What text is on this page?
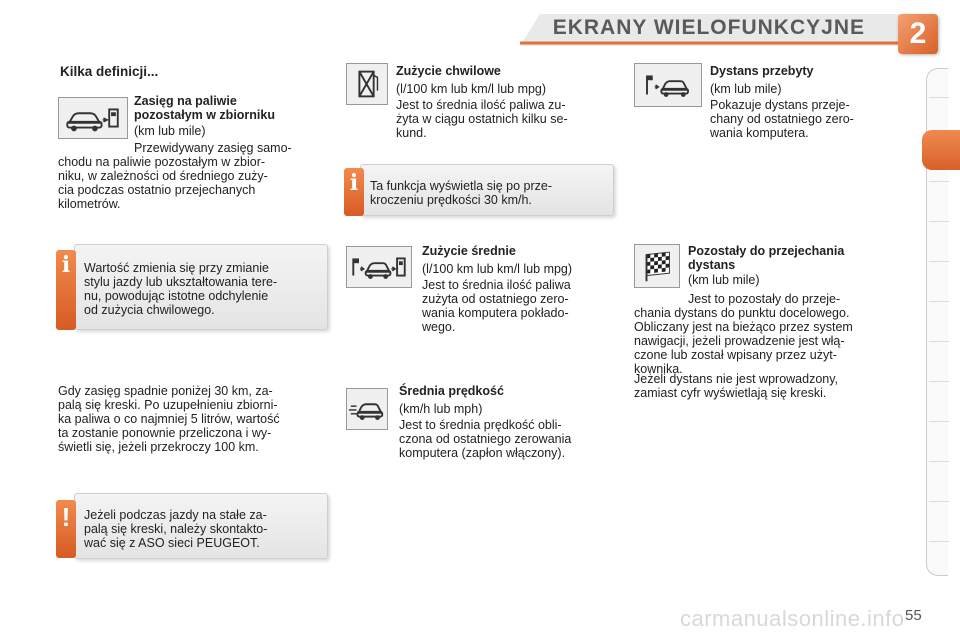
EKRANY WIELOFUNKCYJNE	2
Kilka definicji...
Zasięg na paliwie
pozostałym w zbiorniku
(km lub mile)
Przewidywany zasięg samo-
chodu na paliwie pozostałym w zbior-
niku, w zależności od średniego zuży-
cia podczas ostatnio przejechanych
kilometrów.
i	Wartość zmienia się przy zmianie
stylu jazdy lub ukształtowania tere-
nu, powodując istotne odchylenie
od zużycia chwilowego.
Gdy zasięg spadnie poniżej 30 km, za-
palą się kreski. Po uzupełnieniu zbiorni-
ka paliwa o co najmniej 5 litrów, wartość
ta zostanie ponownie przeliczona i wy-
świetli się, jeżeli przekroczy 100 km.
!	Jeżeli podczas jazdy na stałe za-
palą się kreski, należy skontakto-
wać się z ASO sieci PEUGEOT.
Zużycie chwilowe
(l/100 km lub km/l lub mpg)
Jest to średnia ilość paliwa zu-
żyta w ciągu ostatnich kilku se-
kund.
i Ta funkcja wyświetla się po prze-
kroczeniu prędkości 30 km/h.
Zużycie średnie
(l/100 km lub km/l lub mpg)
Jest to średnia ilość paliwa
zużyta od ostatniego zero-
wania komputera pokłado-
wego.
Średnia prędkość
(km/h lub mph)
Jest to średnia prędkość obli-
czona od ostatniego zerowania
komputera (zapłon włączony).
Dystans przebyty
(km lub mile)
Pokazuje dystans przeje-
chany od ostatniego zero-
wania komputera.
Pozostały do przejechania
dystans
(km lub mile)
Jest to pozostały do przeje-
chania dystans do punktu docelowego.
Obliczany jest na bieżąco przez system
nawigacji, jeżeli prowadzenie jest włą-
czone lub został wpisany przez użyt-
kownika.
Jeżeli dystans nie jest wprowadzony,
zamiast cyfr wyświetlają się kreski.
carmanualsonline.info 55
